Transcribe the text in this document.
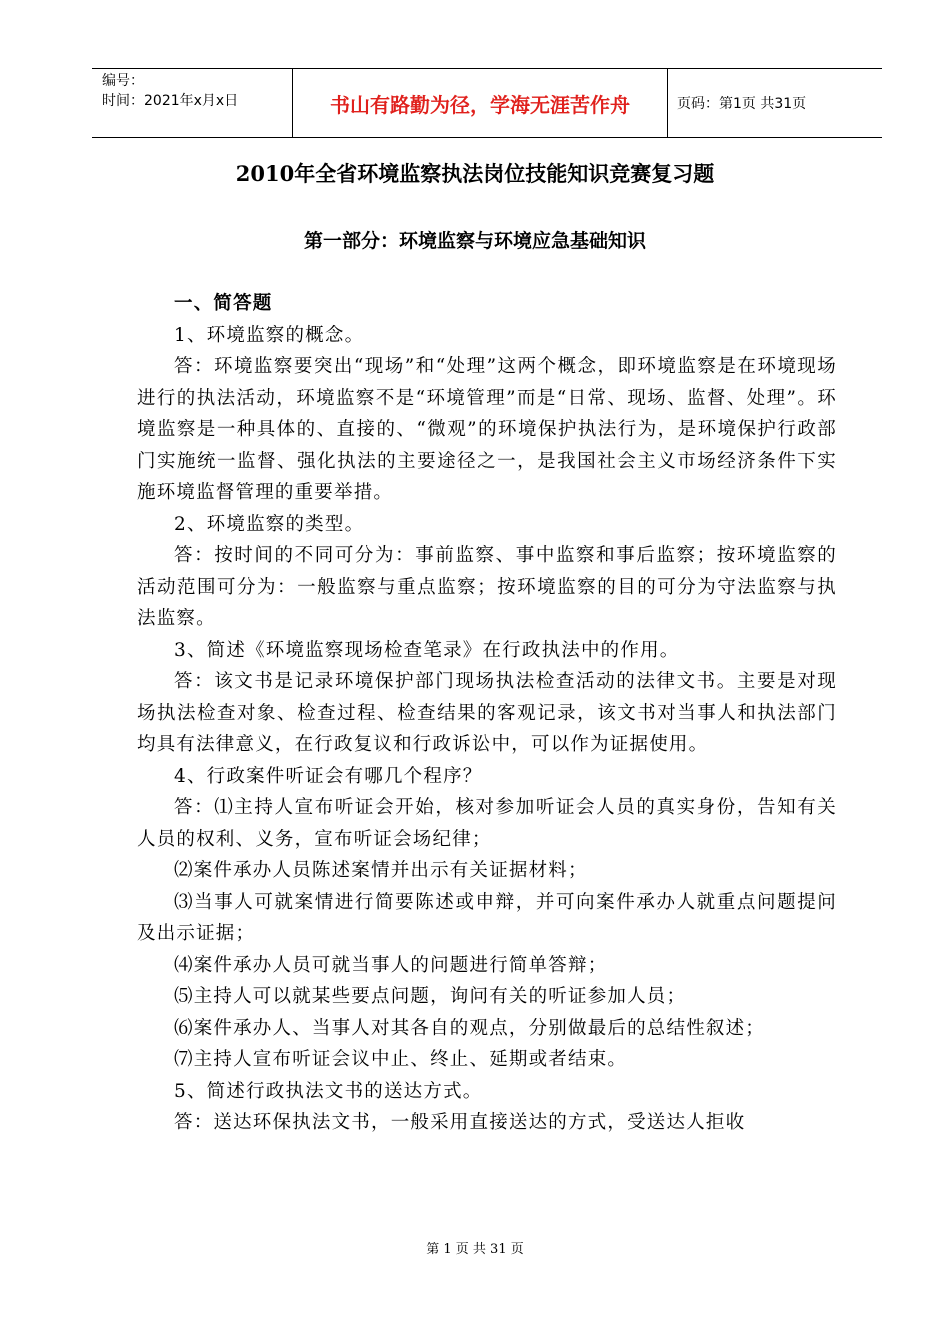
编号：
时间：2021年x月x日	书山有路勤为径，学海无涯苦作舟	页码：第1页 共31页
2010年全省环境监察执法岗位技能知识竞赛复习题
第一部分：环境监察与环境应急基础知识

一、简答题

1、环境监察的概念。

答：环境监察要突出“现场”和“处理”这两个概念，即环境监察是在环境现场进行的执法活动，环境监察不是“环境管理”而是“日常、现场、监督、处理”。环境监察是一种具体的、直接的、“微观”的环境保护执法行为，是环境保护行政部门实施统一监督、强化执法的主要途径之一，是我国社会主义市场经济条件下实施环境监督管理的重要举措。

2、环境监察的类型。

答：按时间的不同可分为：事前监察、事中监察和事后监察；按环境监察的活动范围可分为：一般监察与重点监察；按环境监察的目的可分为守法监察与执法监察。

3、简述《环境监察现场检查笔录》在行政执法中的作用。

答：该文书是记录环境保护部门现场执法检查活动的法律文书。主要是对现场执法检查对象、检查过程、检查结果的客观记录，该文书对当事人和执法部门均具有法律意义，在行政复议和行政诉讼中，可以作为证据使用。

4、行政案件听证会有哪几个程序？

答：⑴主持人宣布听证会开始，核对参加听证会人员的真实身份，告知有关人员的权利、义务，宣布听证会场纪律；

⑵案件承办人员陈述案情并出示有关证据材料；

⑶当事人可就案情进行简要陈述或申辩，并可向案件承办人就重点问题提问及出示证据；

⑷案件承办人员可就当事人的问题进行简单答辩；

⑸主持人可以就某些要点问题，询问有关的听证参加人员；

⑹案件承办人、当事人对其各自的观点，分别做最后的总结性叙述；

⑺主持人宣布听证会议中止、终止、延期或者结束。

5、简述行政执法文书的送达方式。

答：送达环保执法文书，一般采用直接送达的方式，受送达人拒收

第 1 页 共 31 页
